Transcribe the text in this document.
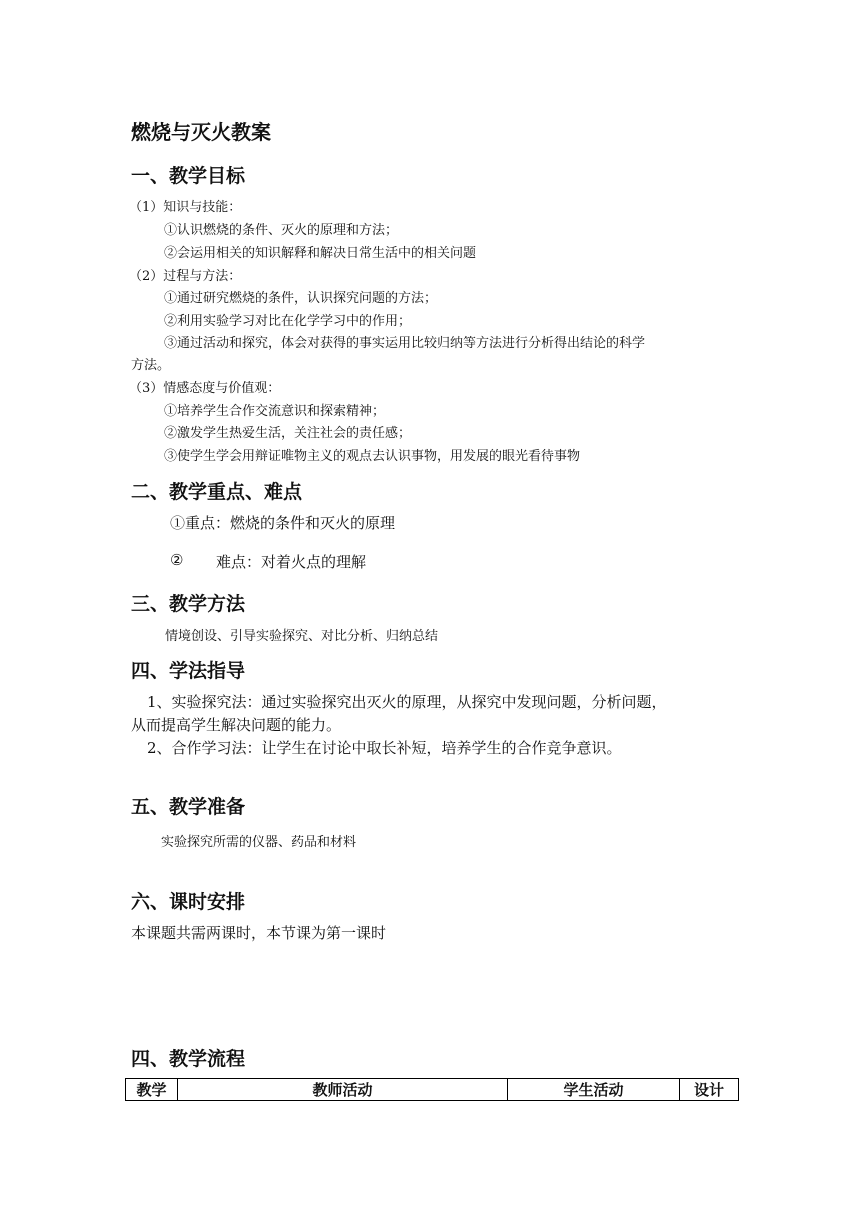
燃烧与灭火教案
一、教学目标
（1）知识与技能：
①认识燃烧的条件、灭火的原理和方法；
②会运用相关的知识解释和解决日常生活中的相关问题
（2）过程与方法：
①通过研究燃烧的条件，认识探究问题的方法；
②利用实验学习对比在化学学习中的作用；
③通过活动和探究，体会对获得的事实运用比较归纳等方法进行分析得出结论的科学
方法。
（3）情感态度与价值观：
①培养学生合作交流意识和探索精神；
②激发学生热爱生活，关注社会的责任感；
③使学生学会用辩证唯物主义的观点去认识事物，用发展的眼光看待事物
二、教学重点、难点
①重点：燃烧的条件和灭火的原理
② 难点：对着火点的理解
三、教学方法
情境创设、引导实验探究、对比分析、归纳总结
四、学法指导
1、实验探究法：通过实验探究出灭火的原理，从探究中发现问题，分析问题，
从而提高学生解决问题的能力。
2、合作学习法：让学生在讨论中取长补短，培养学生的合作竞争意识。
五、教学准备
实验探究所需的仪器、药品和材料
六、课时安排
本课题共需两课时，本节课为第一课时
四、教学流程
教学	教师活动	学生活动	设计
